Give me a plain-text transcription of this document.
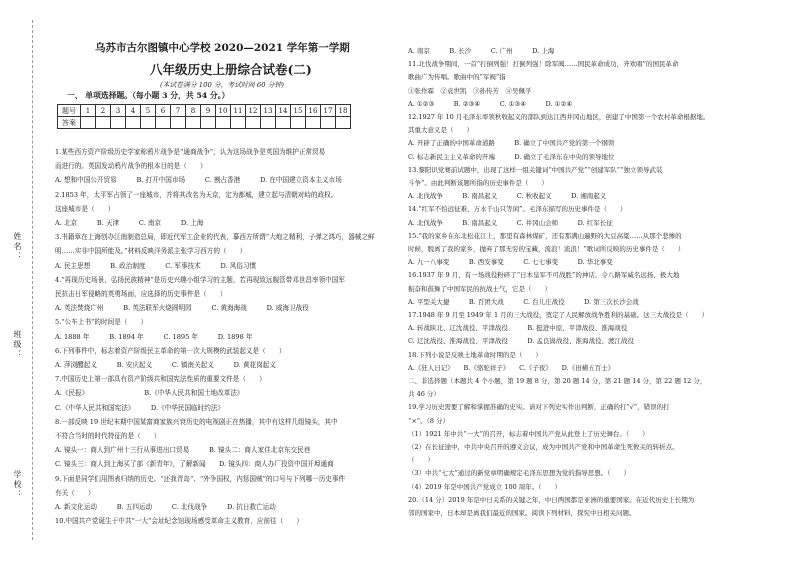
姓名：
班级：
学校：
乌苏市古尔图镇中心学校 2020—2021 学年第一学期
八年级历史上册综合试卷(二)
(本试卷满分 100 分，考试时间 60 分钟)
一、 单项选择题。（每小题 3 分，共 54 分。）
题号	1	2	3	4	5	6	7	8	9	10	11	12	13	14	15	16	17	18
答案																		
1.某些西方资产阶级历史学家称鸦片战争是“通商战争”，认为这场战争是英国为维护正常贸易
而进行的。英国发动鸦片战争的根本目的是（　　）
A. 想和中国公开贸易　　　B. 打开中国市场　　　C. 割占香港　　　D. 在中国建立资本主义市场
2.1853 年，太平军占领了一座城市，并将其改名为天京，定为都城，建立起与清朝对峙的政权。
这座城市是（　　）
A. 北京　　　B. 天津　　　C. 南京　　　D. 上海
3.书籍章在上海创办江南制造总局，即近代军工企业的代表，摹西方所谓“大炮之精利，子弹之鸿巧，器械之鲜
明……实非中国所能及。”材料反映洋务派主张学习西方的（　　）
A. 民主思想　　　B. 政治制度　　　C. 军事技术　　　D. 风俗习惯
4.“再现历史场景，弘扬民族精神”是历史兴趣小组学习的主题，若再现致远舰管带邓世昌率领中国军
民抗击日军侵略的英勇场面，应选择的历史事件是（　　）
A. 英法焚烧广州　　　B. 英法联军火烧圆明园　　　C. 黄海海战　　　D. 威海卫战役
5.“公车上书”的时间是（　　）
A. 1888 年　　　B. 1894 年　　　C. 1895 年　　　D. 1898 年
6.下列事件中，标志着资产阶级民主革命的第一次大规模的武装起义是（　　）
A. 萍浏醴起义　　　B. 安庆起义　　　C. 镇南关起义　　　D. 黄花岗起义
7.中国历史上第一部具有资产阶级共和国宪法性质的重要文件是（　　）
A.《民报》　　　　　　　　　B.《中华人民共和国土地改革法》
C.《中华人民共和国宪法》　　　D.《中华民国临时约法》
8.一部反映 19 世纪末期中国某富商家族兴衰历史的电视剧正在热播，其中有这样几组镜头，其中
不符合当时的时代特征的是（　　）
A. 镜头一：商人到广州十三行从事进出口贸易　　　B. 镜头二：商人家住北京东交民巷
C. 镜头三：商人到上海买了部《新青年》，了解新闻　　D. 镜头四：商人办厂投资中国开埠通商
9.下面是同学们用图表归纳的历史。“还我青岛”、“外争国权，内惩国贼”的口号与下列哪一历史事件
有关（　　）
A. 新文化运动　　　B. 五四运动　　　C. 北伐战争　　　D. 抗日救亡运动
10.中国共产党诞生于中共“一大”会址纪念馆现场感受革命主义教育，应前往（　　）
A. 南京　　　B. 长沙　　　C. 广州　　　D. 上海
11.北伐战争期间，一首“打倒列强！打倒列强！除军阀……国民革命成功，齐欢唱”的国民革命
歌曲广为传唱。歌曲中的“军阀”指
①张作霖　②袁世凯　③孙传芳　④吴佩孚
A. ①②③　　　B. ②③④　　　C. ①③④　　　D. ①②④
12.1927 年 10 月毛泽东率领秋收起义的部队到达江西井冈山地区，创建了中国第一个农村革命根据地。
其重大意义是（　　）
A. 开辟了正确的中国革命道路　　　B. 确立了中国共产党的第一个纲领
C. 标志新民主主义革命的开端　　　D. 确立了毛泽东在中央的领导地位
13.黎阳识党赛前试题中，出现了这样一组关键词“中国共产党”“创建军队”“独立领导武装
斗争”。由此判断该题所指的历史事件是（　　）
A. 北伐战争　　　B. 南昌起义　　　C. 秋收起义　　　D. 湘南起义
14.“红军不怕远征难，万水千山只等闲”。毛泽东描写的历史事件是（　　）
A. 北伐战争　　　B. 南昌起义　　　C. 井冈山会师　　　D. 红军长征
15.“我的家乡在东北松花江上，那里有森林煤矿，还有那满山遍野的大豆高粱……从那个悲惨的
时候，脱离了我的家乡，抛弃了那无穷的宝藏，流浪！流浪！”歌词所反映的历史事件是（　　）
A. 九一八事变　　　B. 西安事变　　　C. 七七事变　　　D. 华北事变
16.1937 年 9 月，有一场战役粉碎了“日本皇军不可战胜”的神话，令八路军威名远扬，极大地
振奋和鼓舞了中国军民的抗战士气，它是（　　）
A. 平型关大捷　　　B. 百团大战　　　C. 台儿庄战役　　　D. 第三次长沙会战
17.1948 年 9 月至 1949 年 1 月的三大战役，奠定了人民解放战争胜利的基础。这三大战役是（　　）
A. 转战陕北、辽沈战役、平津战役　　　B. 挺进中原、平津战役、淮海战役
C. 辽沈战役、淮海战役、平津战役　　　D. 孟良崮战役、淮海战役、渡江战役
18.下列小说是反映土地革命时期的是（　　）
A.《狂人日记》　　B.《骆驼祥子》　　C.《子夜》　　D.《田横五百士》
二、非选择题（本题共 4 个小题，第 19 题 8 分，第 20 题 14 分，第 21 题 14 分，第 22 题 12 分，
共 46 分）
19.学习历史需要了解和掌握准确的史实。请对下列史实作出判断，正确的打“√”，错误的打
“×”。（8 分）
（1）1921 年中共“一大”的召开，标志着中国共产党从此登上了历史舞台。（　　）
（2）在长征途中，中共中央召开的遵义会议，成为中国共产党和中国革命生死攸关的转折点。
（　　）
（3）中共“七大”通过的新党章明确规定毛泽东思想为党的指导思想。（　　）
（4）2019 年是中国共产党成立 100 周年。（　　）
20.（14 分）2019 年是中日关系的关键之年，中日两国都是亚洲的重要国家。在近代历史上长期为
邻的国家中，日本却是离我们最近的国家。阅读下列材料，探究中日相关问题。
